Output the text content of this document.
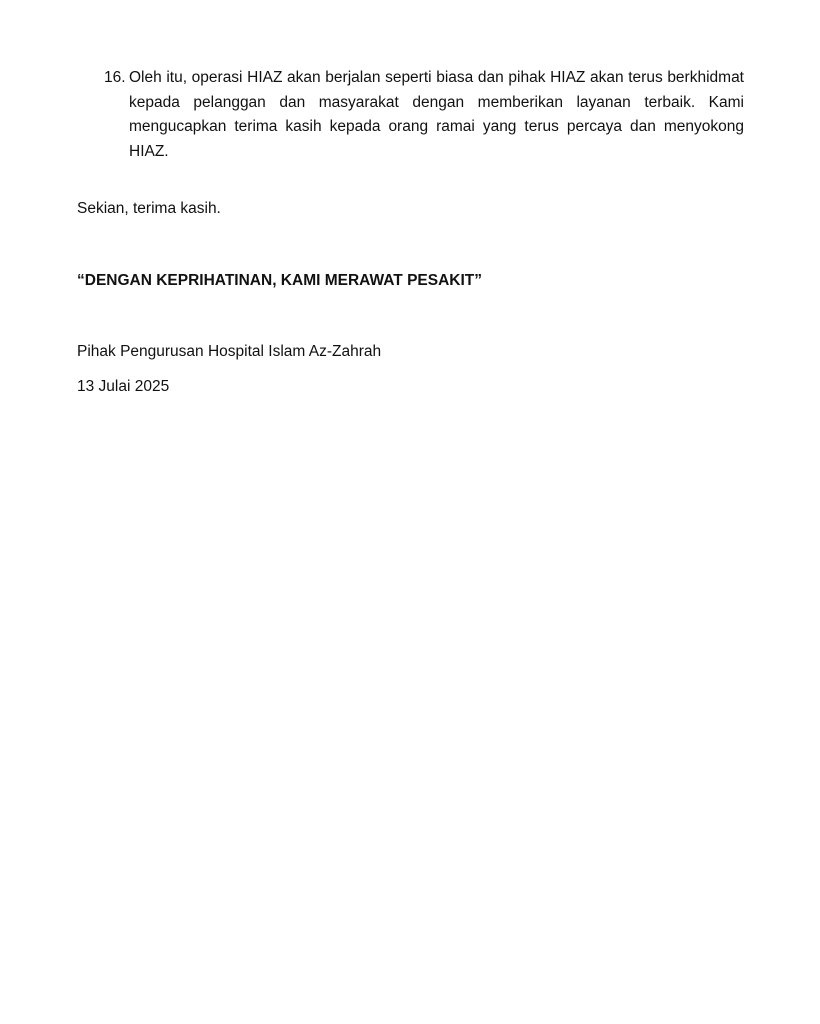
16. Oleh itu, operasi HIAZ akan berjalan seperti biasa dan pihak HIAZ akan terus berkhidmat kepada pelanggan dan masyarakat dengan memberikan layanan terbaik. Kami mengucapkan terima kasih kepada orang ramai yang terus percaya dan menyokong HIAZ.
Sekian, terima kasih.
“DENGAN KEPRIHATINAN, KAMI MERAWAT PESAKIT”
Pihak Pengurusan Hospital Islam Az-Zahrah
13 Julai 2025
